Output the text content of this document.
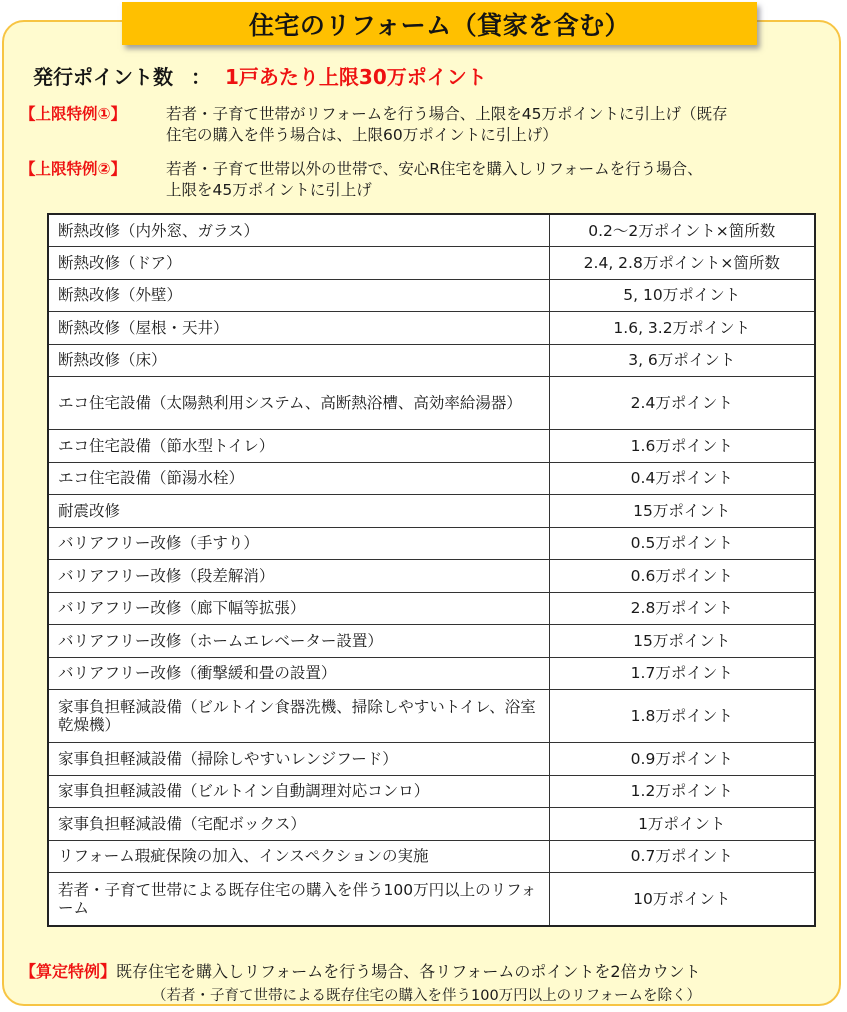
住宅のリフォーム（貸家を含む）
発行ポイント数 ： 1戸あたり上限30万ポイント
【上限特例①】	若者・子育て世帯がリフォームを行う場合、上限を45万ポイントに引上げ（既存
住宅の購入を伴う場合は、上限60万ポイントに引上げ）
【上限特例②】	若者・子育て世帯以外の世帯で、安心R住宅を購入しリフォームを行う場合、
上限を45万ポイントに引上げ
断熱改修（内外窓、ガラス）	0.2～2万ポイント×箇所数
断熱改修（ドア）	2.4, 2.8万ポイント×箇所数
断熱改修（外壁）	5, 10万ポイント
断熱改修（屋根・天井）	1.6, 3.2万ポイント
断熱改修（床）	3, 6万ポイント
エコ住宅設備（太陽熱利用システム、高断熱浴槽、高効率給湯器）	2.4万ポイント
エコ住宅設備（節水型トイレ）	1.6万ポイント
エコ住宅設備（節湯水栓）	0.4万ポイント
耐震改修	15万ポイント
バリアフリー改修（手すり）	0.5万ポイント
バリアフリー改修（段差解消）	0.6万ポイント
バリアフリー改修（廊下幅等拡張）	2.8万ポイント
バリアフリー改修（ホームエレベーター設置）	15万ポイント
バリアフリー改修（衝撃緩和畳の設置）	1.7万ポイント
家事負担軽減設備（ビルトイン食器洗機、掃除しやすいトイレ、浴室乾燥機）	1.8万ポイント
家事負担軽減設備（掃除しやすいレンジフード）	0.9万ポイント
家事負担軽減設備（ビルトイン自動調理対応コンロ）	1.2万ポイント
家事負担軽減設備（宅配ボックス）	1万ポイント
リフォーム瑕疵保険の加入、インスペクションの実施	0.7万ポイント
若者・子育て世帯による既存住宅の購入を伴う100万円以上のリフォーム	10万ポイント
【算定特例】既存住宅を購入しリフォームを行う場合、各リフォームのポイントを2倍カウント
（若者・子育て世帯による既存住宅の購入を伴う100万円以上のリフォームを除く）
